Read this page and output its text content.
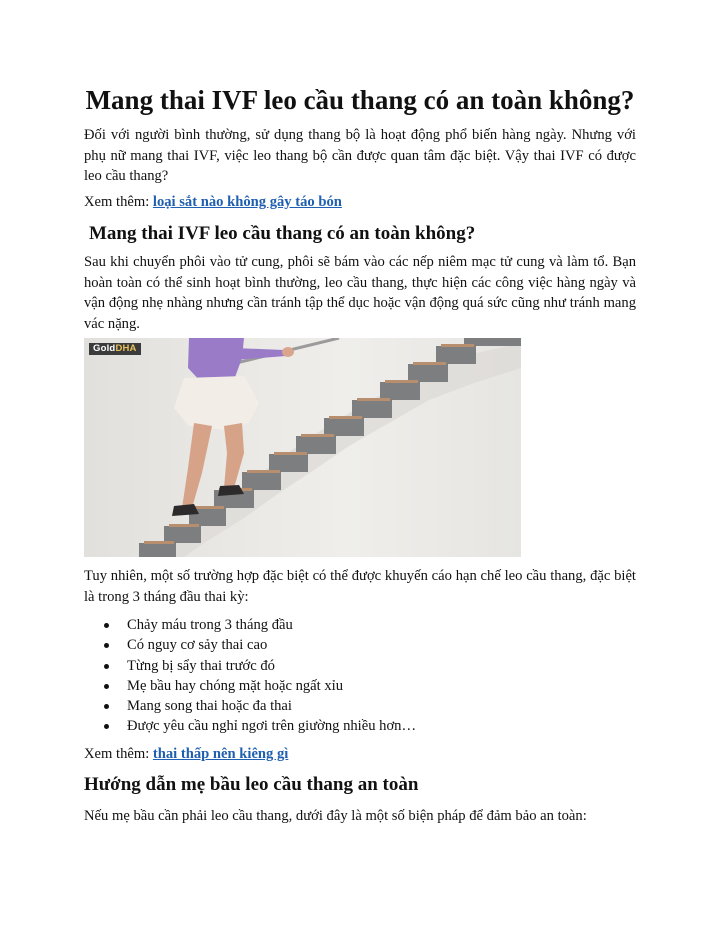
Mang thai IVF leo cầu thang có an toàn không?

Đối với người bình thường, sử dụng thang bộ là hoạt động phổ biến hàng ngày. Nhưng với phụ nữ mang thai IVF, việc leo thang bộ cần được quan tâm đặc biệt. Vậy thai IVF có được leo cầu thang?

Xem thêm: loại sắt nào không gây táo bón

Mang thai IVF leo cầu thang có an toàn không?

Sau khi chuyển phôi vào tử cung, phôi sẽ bám vào các nếp niêm mạc tử cung và làm tổ. Bạn hoàn toàn có thể sinh hoạt bình thường, leo cầu thang, thực hiện các công việc hàng ngày và vận động nhẹ nhàng nhưng cần tránh tập thể dục hoặc vận động quá sức cũng như tránh mang vác nặng.

GoldDHA

Tuy nhiên, một số trường hợp đặc biệt có thể được khuyến cáo hạn chế leo cầu thang, đặc biệt là trong 3 tháng đầu thai kỳ:

Chảy máu trong 3 tháng đầu
Có nguy cơ sảy thai cao
Từng bị sẩy thai trước đó
Mẹ bầu hay chóng mặt hoặc ngất xỉu
Mang song thai hoặc đa thai
Được yêu cầu nghỉ ngơi trên giường nhiều hơn…

Xem thêm: thai thấp nên kiêng gì

Hướng dẫn mẹ bầu leo cầu thang an toàn

Nếu mẹ bầu cần phải leo cầu thang, dưới đây là một số biện pháp để đảm bảo an toàn:
